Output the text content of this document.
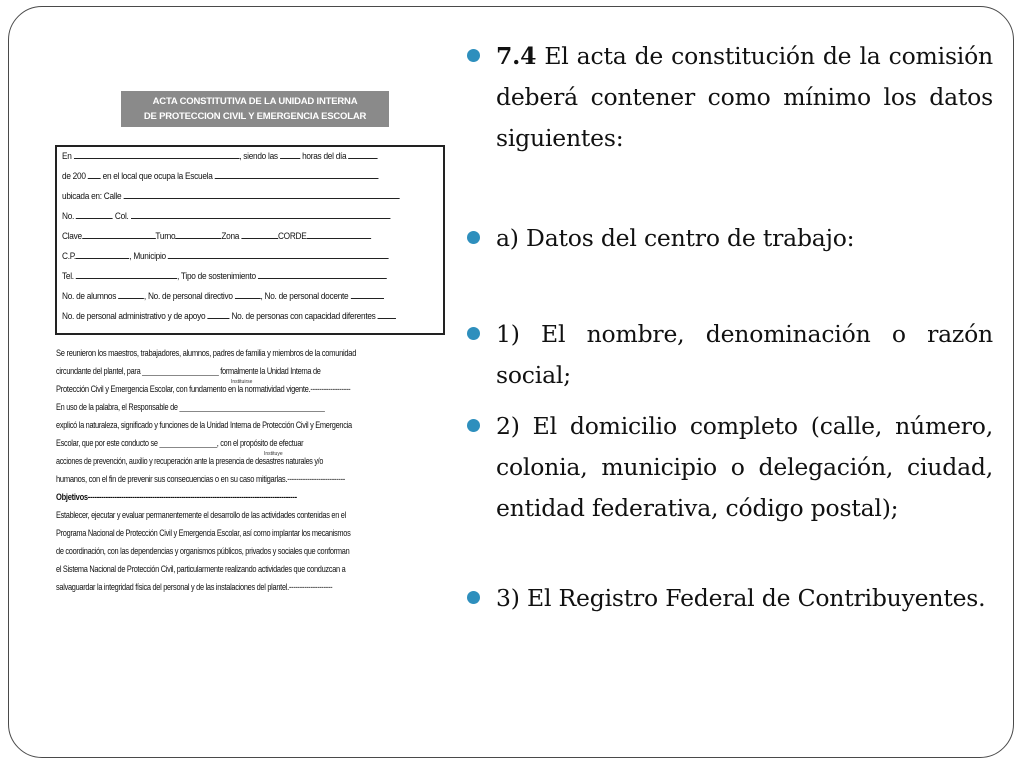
ACTA CONSTITUTIVA DE LA UNIDAD INTERNA
DE PROTECCION CIVIL Y EMERGENCIA ESCOLAR
En	, siendo las	horas del día
de 200 en el local que ocupa la Escuela
ubicada en: Calle
No.	Col.
Clave	Turno	Zona	CORDE
C.P.	, Municipio
Tel.	, Tipo de sostenimiento
No. de alumnos	, No. de personal directivo	, No. de personal docente
No. de personal administrativo y de apoyo	No. de personas con capacidad diferentes
Se reunieron los maestros, trabajadores, alumnos, padres de familia y miembros de la comunidad
circundante del plantel, para ____________________ formalmente la Unidad Interna de
Instituirse
Protección Civil y Emergencia Escolar, con fundamento en la normatividad vigente.------------------
En uso de la palabra, el Responsable de ______________________________________
explicó la naturaleza, significado y funciones de la Unidad Interna de Protección Civil y Emergencia
Escolar, que por este conducto se _______________, con el propósito de efectuar
Instituye
acciones de prevención, auxilio y recuperación ante la presencia de desastres naturales y/o
humanos, con el fin de prevenir sus consecuencias o en su caso mitigarlas.--------------------------
Objetivos----------------------------------------------------------------------------------------------
Establecer, ejecutar y evaluar permanentemente el desarrollo de las actividades contenidas en el
Programa Nacional de Protección Civil y Emergencia Escolar, así como implantar los mecanismos
de coordinación, con las dependencias y organismos públicos, privados y sociales que conforman
el Sistema Nacional de Protección Civil, particularmente realizando actividades que conduzcan a
salvaguardar la integridad física del personal y de las instalaciones del plantel.--------------------
7.4 El acta de constitución de la comisión deberá contener como mínimo los datos siguientes:
a) Datos del centro de trabajo:
1) El nombre, denominación o razón social;
2) El domicilio completo (calle, número, colonia, municipio o delegación, ciudad, entidad federativa, código postal);
3) El Registro Federal de Contribuyentes.
